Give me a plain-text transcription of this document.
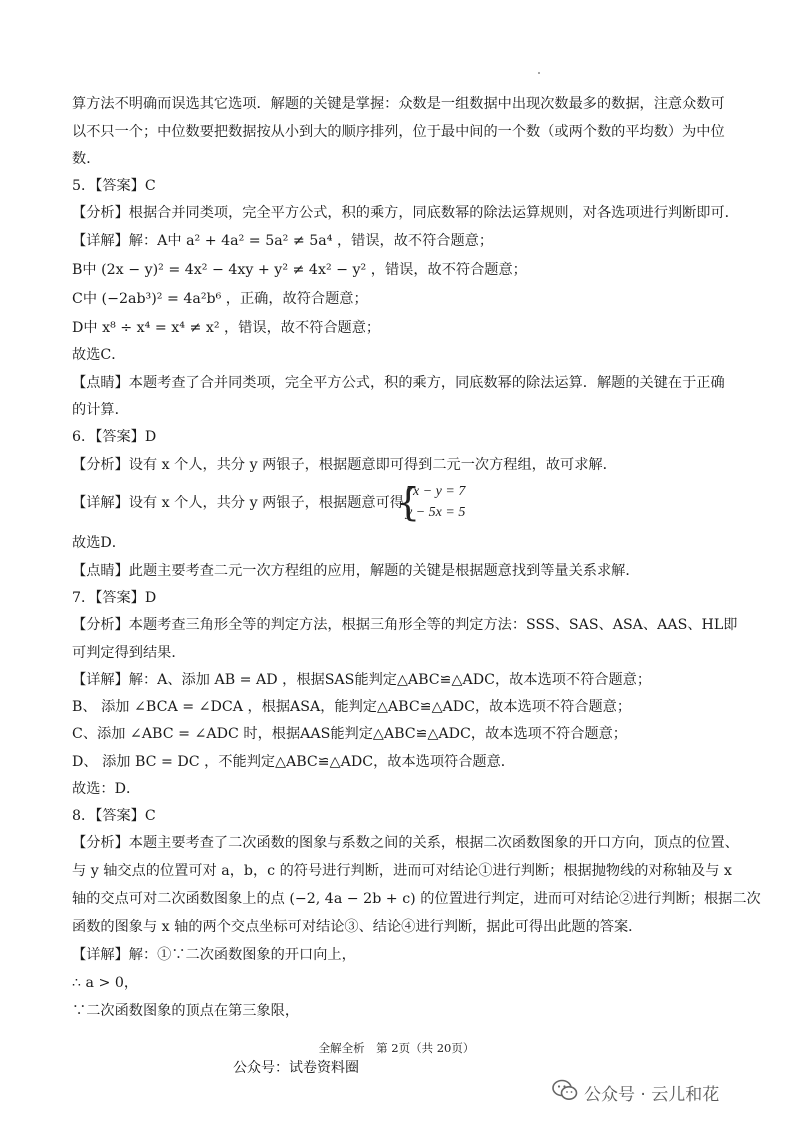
算方法不明确而误选其它选项．解题的关键是掌握：众数是一组数据中出现次数最多的数据，注意众数可
以不只一个；中位数要把数据按从小到大的顺序排列，位于最中间的一个数（或两个数的平均数）为中位
数．
5．【答案】C
【分析】根据合并同类项，完全平方公式，积的乘方，同底数幂的除法运算规则，对各选项进行判断即可．
【详解】解：A中 a² + 4a² = 5a² ≠ 5a⁴ ，错误，故不符合题意；
B中 (2x − y)² = 4x² − 4xy + y² ≠ 4x² − y² ，错误，故不符合题意；
C中 (−2ab³)² = 4a²b⁶ ，正确，故符合题意；
D中 x⁸ ÷ x⁴ = x⁴ ≠ x² ，错误，故不符合题意；
故选C．
【点睛】本题考查了合并同类项，完全平方公式，积的乘方，同底数幂的除法运算．解题的关键在于正确
的计算．
6．【答案】D
【分析】设有 x 个人，共分 y 两银子，根据题意即可得到二元一次方程组，故可求解．
【详解】设有 x 个人，共分 y 两银子，根据题意可得
{
7x − y = 7
y − 5x = 5
故选D．
【点睛】此题主要考查二元一次方程组的应用，解题的关键是根据题意找到等量关系求解．
7．【答案】D
【分析】本题考查三角形全等的判定方法，根据三角形全等的判定方法：SSS、SAS、ASA、AAS、HL即
可判定得到结果．
【详解】解：A、添加 AB = AD ，根据SAS能判定△ABC≌△ADC，故本选项不符合题意；
B、 添加 ∠BCA = ∠DCA ，根据ASA，能判定△ABC≌△ADC，故本选项不符合题意；
C、添加 ∠ABC = ∠ADC 时，根据AAS能判定△ABC≌△ADC，故本选项不符合题意；
D、 添加 BC = DC ，不能判定△ABC≌△ADC，故本选项符合题意．
故选：D．
8．【答案】C
【分析】本题主要考查了二次函数的图象与系数之间的关系，根据二次函数图象的开口方向，顶点的位置、
与 y 轴交点的位置可对 a，b，c 的符号进行判断，进而可对结论①进行判断；根据抛物线的对称轴及与 x
轴的交点可对二次函数图象上的点 (−2, 4a − 2b + c) 的位置进行判定，进而可对结论②进行判断；根据二次
函数的图象与 x 轴的两个交点坐标可对结论③、结论④进行判断，据此可得出此题的答案．
【详解】解：①∵二次函数图象的开口向上，
∴ a > 0，
∵二次函数图象的顶点在第三象限，
全解全析　第 2页（共 20页）
公众号：试卷资料圈
公众号 · 云儿和花
